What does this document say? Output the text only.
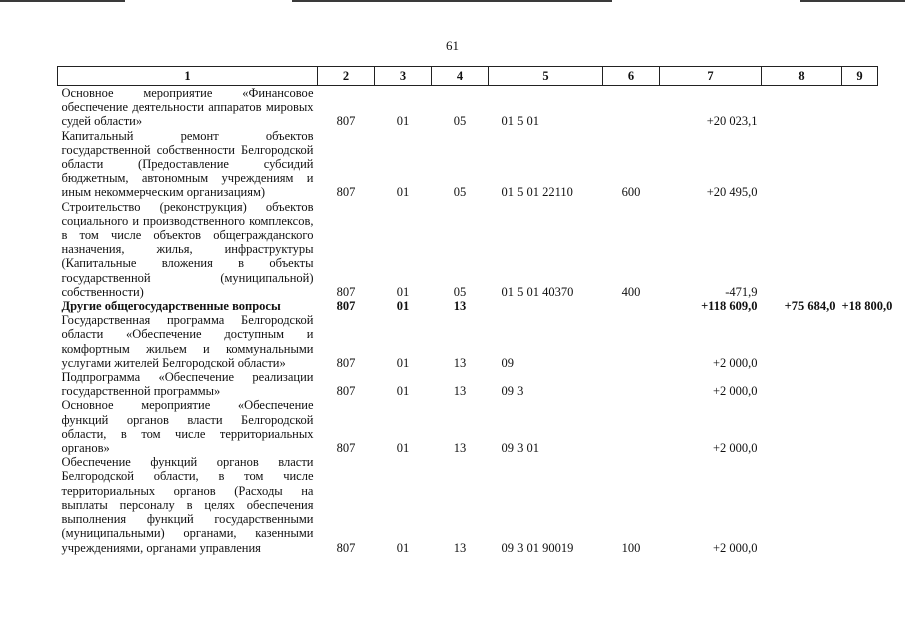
61
1	2	3	4	5	6	7	8	9
Основное мероприятие «Финансовое обеспечение деятельности аппаратов мировых судей области»	807	01	05	01 5 01		+20 023,1		
Капитальный ремонт объектов государственной собственности Белгородской области (Предоставление субсидий бюджетным, автономным учреждениям и иным некоммерческим организациям)	807	01	05	01 5 01 22110	600	+20 495,0		
Строительство (реконструкция) объектов социального и производственного комплексов, в том числе объектов общегражданского назначения, жилья, инфраструктуры (Капитальные вложения в объекты государственной (муниципальной) собственности)	807	01	05	01 5 01 40370	400	-471,9		
Другие общегосударственные вопросы	807	01	13			+118 609,0	+75 684,0	+18 800,0
Государственная программа Белгородской области «Обеспечение доступным и комфортным жильем и коммунальными услугами жителей Белгородской области»	807	01	13	09		+2 000,0		
Подпрограмма «Обеспечение реализации государственной программы»	807	01	13	09 3		+2 000,0		
Основное мероприятие «Обеспечение функций органов власти Белгородской области, в том числе территориальных органов»	807	01	13	09 3 01		+2 000,0		
Обеспечение функций органов власти Белгородской области, в том числе территориальных органов (Расходы на выплаты персоналу в целях обеспечения выполнения функций государственными (муниципальными) органами, казенными учреждениями, органами управления	807	01	13	09 3 01 90019	100	+2 000,0		
